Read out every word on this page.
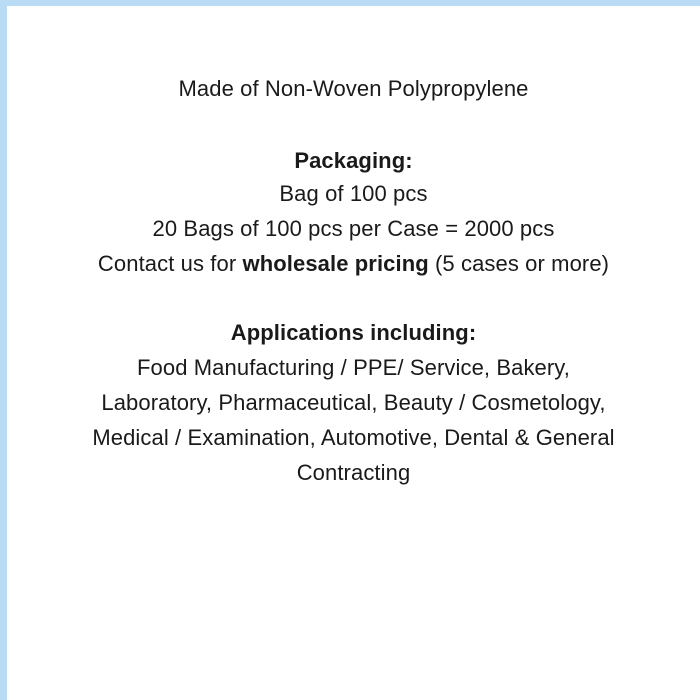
Made of Non-Woven Polypropylene
Packaging:
Bag of 100 pcs
20 Bags of 100 pcs per Case = 2000 pcs
Contact us for wholesale pricing (5 cases or more)
Applications including:
Food Manufacturing / PPE/ Service, Bakery,
Laboratory, Pharmaceutical, Beauty / Cosmetology,
Medical / Examination, Automotive, Dental & General
Contracting
